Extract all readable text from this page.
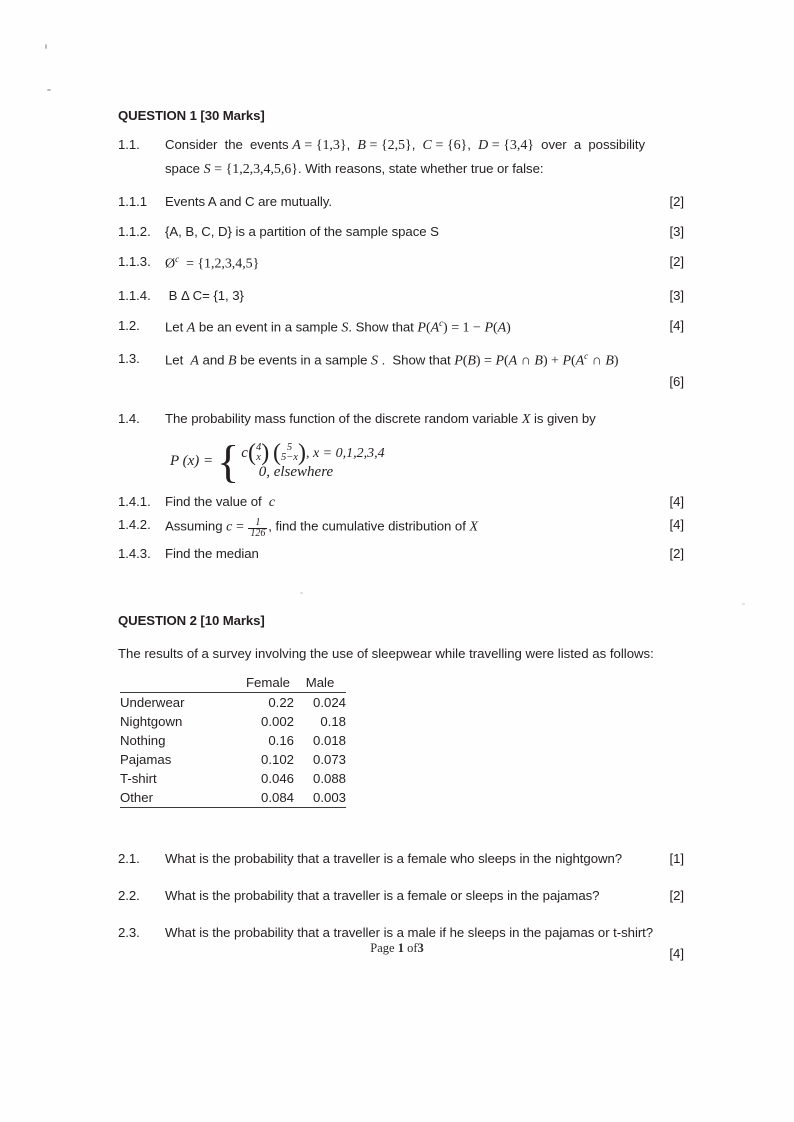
QUESTION 1 [30 Marks]
1.1.	Consider  the  events A = {1,3},  B = {2,5},  C = {6},  D = {3,4}  over  a  possibility
space S = {1,2,3,4,5,6}. With reasons, state whether true or false:
1.1.1	Events A and C are mutually.	[2]
1.1.2.	{A, B, C, D} is a partition of the sample space S	[3]
1.1.3.	$Ø^c = \{1,2,3,4,5\}$	[2]
1.1.4.	B Δ C= {1, 3}	[3]
1.2.	Let A be an event in a sample S. Show that $P(A^c) = 1 - P(A)$	[4]
1.3.	Let  A and B be events in a sample S .  Show that P(B) = P(A ∩ $B) + P(A^c$ ∩ B)
[6]
1.4.	The probability mass function of the discrete random variable X is given by
P (x) = { c ( 4
x )
( 5
5−x ) , x = 0,1,2,3,4
0, elsewhere
1.4.1.	Find the value of  c	[4]
1.4.2.	Assuming $c = \frac{1}{126}$ , find the cumulative distribution of X	[4]
1.4.3.	Find the median	[2]
QUESTION 2 [10 Marks]
The results of a survey involving the use of sleepwear while travelling were listed as follows:
	Female	Male
Underwear	0.22	0.024
Nightgown	0.002	0.18
Nothing	0.16	0.018
Pajamas	0.102	0.073
T-shirt	0.046	0.088
Other	0.084	0.003
2.1.	What is the probability that a traveller is a female who sleeps in the nightgown?	[1]
2.2.	What is the probability that a traveller is a female or sleeps in the pajamas?	[2]
2.3.	What is the probability that a traveller is a male if he sleeps in the pajamas or t-shirt?
[4]
Page 1 of3
